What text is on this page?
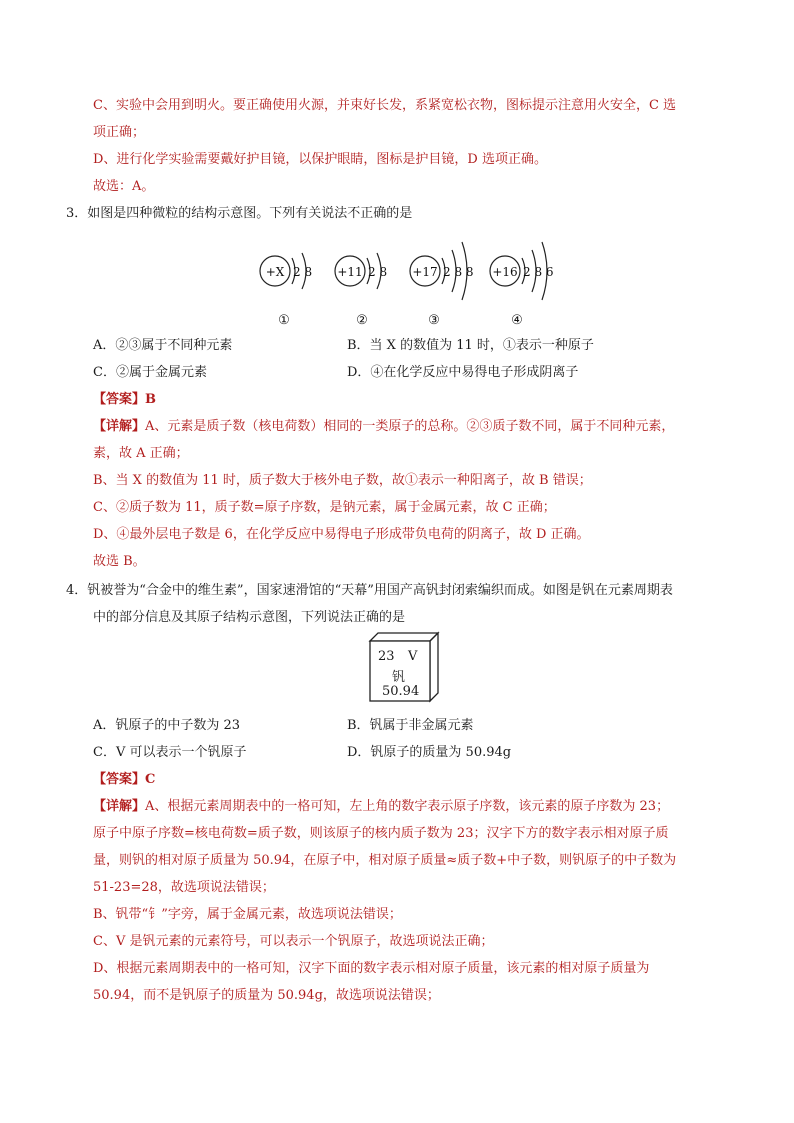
C、实验中会用到明火。要正确使用火源，并束好长发，系紧宽松衣物，图标提示注意用火安全，C 选
项正确；
D、进行化学实验需要戴好护目镜，以保护眼睛，图标是护目镜，D 选项正确。
故选：A。
3．如图是四种微粒的结构示意图。下列有关说法不正确的是
+X 2 8
①
+11 2 8
②
+17 2 8 8
③
+16 2 8 6
④
A．②③属于不同种元素	B．当 X 的数值为 11 时，①表示一种原子
C．②属于金属元素	D．④在化学反应中易得电子形成阴离子
【答案】B
【详解】A、元素是质子数（核电荷数）相同的一类原子的总称。②③质子数不同，属于不同种元素，
素，故 A 正确；
B、当 X 的数值为 11 时，质子数大于核外电子数，故①表示一种阳离子，故 B 错误；
C、②质子数为 11，质子数=原子序数，是钠元素，属于金属元素，故 C 正确；
D、④最外层电子数是 6，在化学反应中易得电子形成带负电荷的阴离子，故 D 正确。
故选 B。
4．钒被誉为“合金中的维生素”，国家速滑馆的“天幕”用国产高钒封闭索编织而成。如图是钒在元素周期表
中的部分信息及其原子结构示意图，下列说法正确的是
23 V
钒
50.94
A．钒原子的中子数为 23	B．钒属于非金属元素
C．V 可以表示一个钒原子	D．钒原子的质量为 50.94g
【答案】C
【详解】A、根据元素周期表中的一格可知，左上角的数字表示原子序数，该元素的原子序数为 23；
原子中原子序数=核电荷数=质子数，则该原子的核内质子数为 23；汉字下方的数字表示相对原子质
量，则钒的相对原子质量为 50.94，在原子中，相对原子质量≈质子数+中子数，则钒原子的中子数为
51-23=28，故选项说法错误；
B、钒带“钅”字旁，属于金属元素，故选项说法错误；
C、V 是钒元素的元素符号，可以表示一个钒原子，故选项说法正确；
D、根据元素周期表中的一格可知，汉字下面的数字表示相对原子质量，该元素的相对原子质量为
50.94，而不是钒原子的质量为 50.94g，故选项说法错误；
